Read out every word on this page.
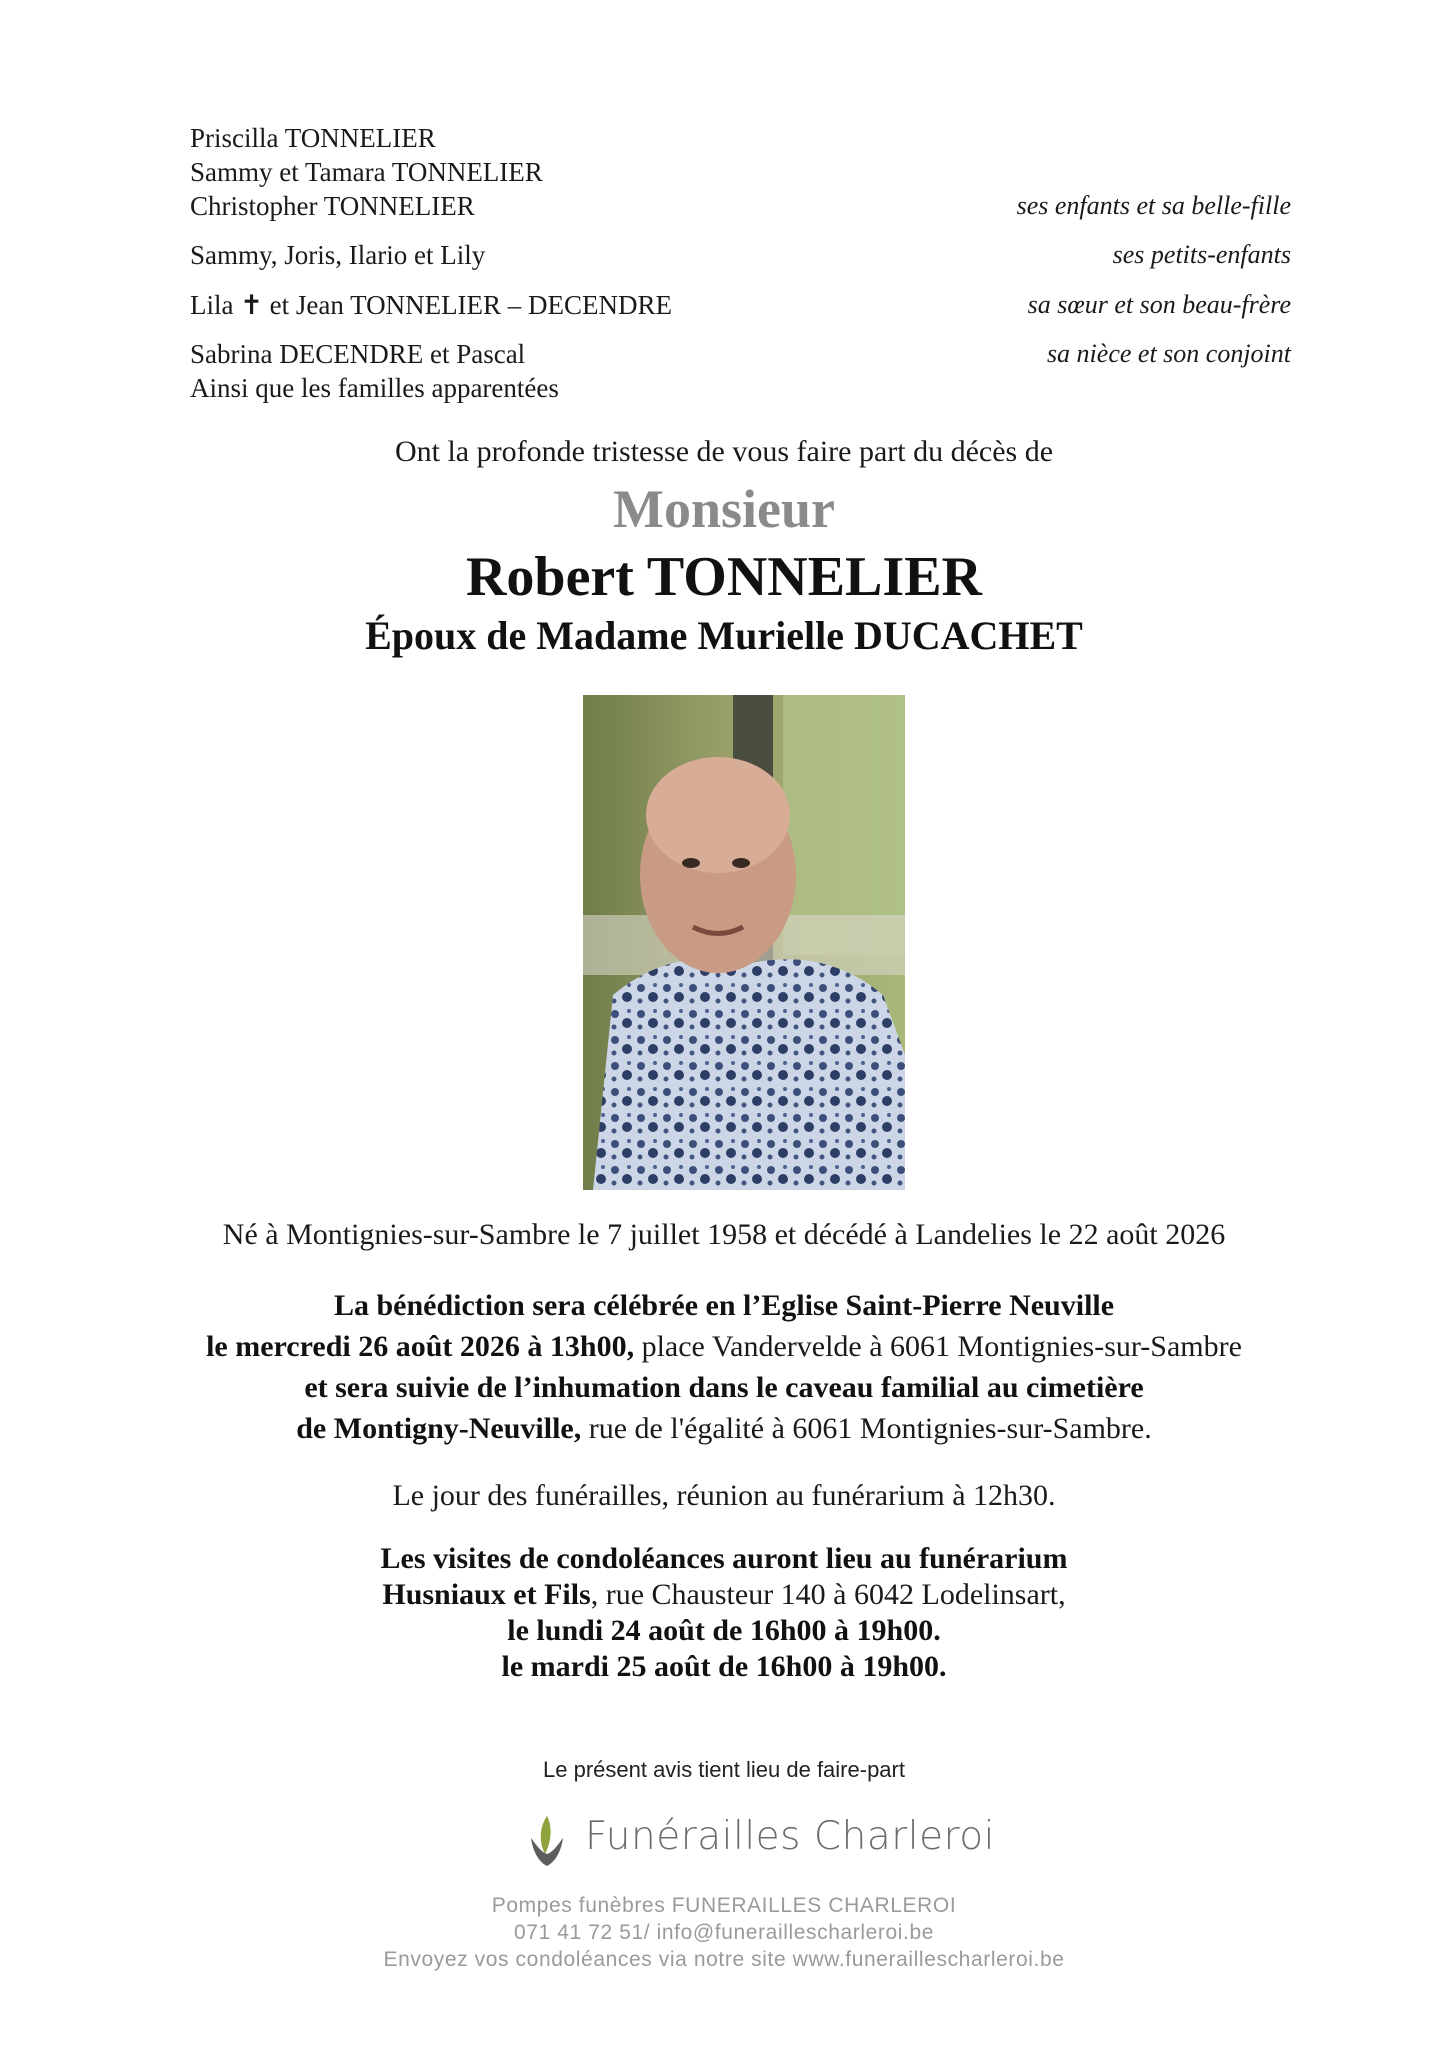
Priscilla TONNELIER
Sammy et Tamara TONNELIER
Christopher TONNELIER	ses enfants et sa belle-fille
Sammy, Joris, Ilario et Lily	ses petits-enfants
Lila ✝ et Jean TONNELIER – DECENDRE	sa sœur et son beau-frère
Sabrina DECENDRE et Pascal	sa nièce et son conjoint
Ainsi que les familles apparentées
Ont la profonde tristesse de vous faire part du décès de
Monsieur
Robert TONNELIER
Époux de Madame Murielle DUCACHET
Né à Montignies-sur-Sambre le 7 juillet 1958 et décédé à Landelies le 22 août 2026
La bénédiction sera célébrée en l’Eglise Saint-Pierre Neuville
le mercredi 26 août 2026 à 13h00, place Vandervelde à 6061 Montignies-sur-Sambre
et sera suivie de l’inhumation dans le caveau familial au cimetière
de Montigny-Neuville, rue de l'égalité à 6061 Montignies-sur-Sambre.
Le jour des funérailles, réunion au funérarium à 12h30.
Les visites de condoléances auront lieu au funérarium
Husniaux et Fils, rue Chausteur 140 à 6042 Lodelinsart,
le lundi 24 août de 16h00 à 19h00.
le mardi 25 août de 16h00 à 19h00.
Le présent avis tient lieu de faire-part
Funérailles Charleroi
Pompes funèbres FUNERAILLES CHARLEROI
071 41 72 51/ info@funeraillescharleroi.be
Envoyez vos condoléances via notre site www.funeraillescharleroi.be
